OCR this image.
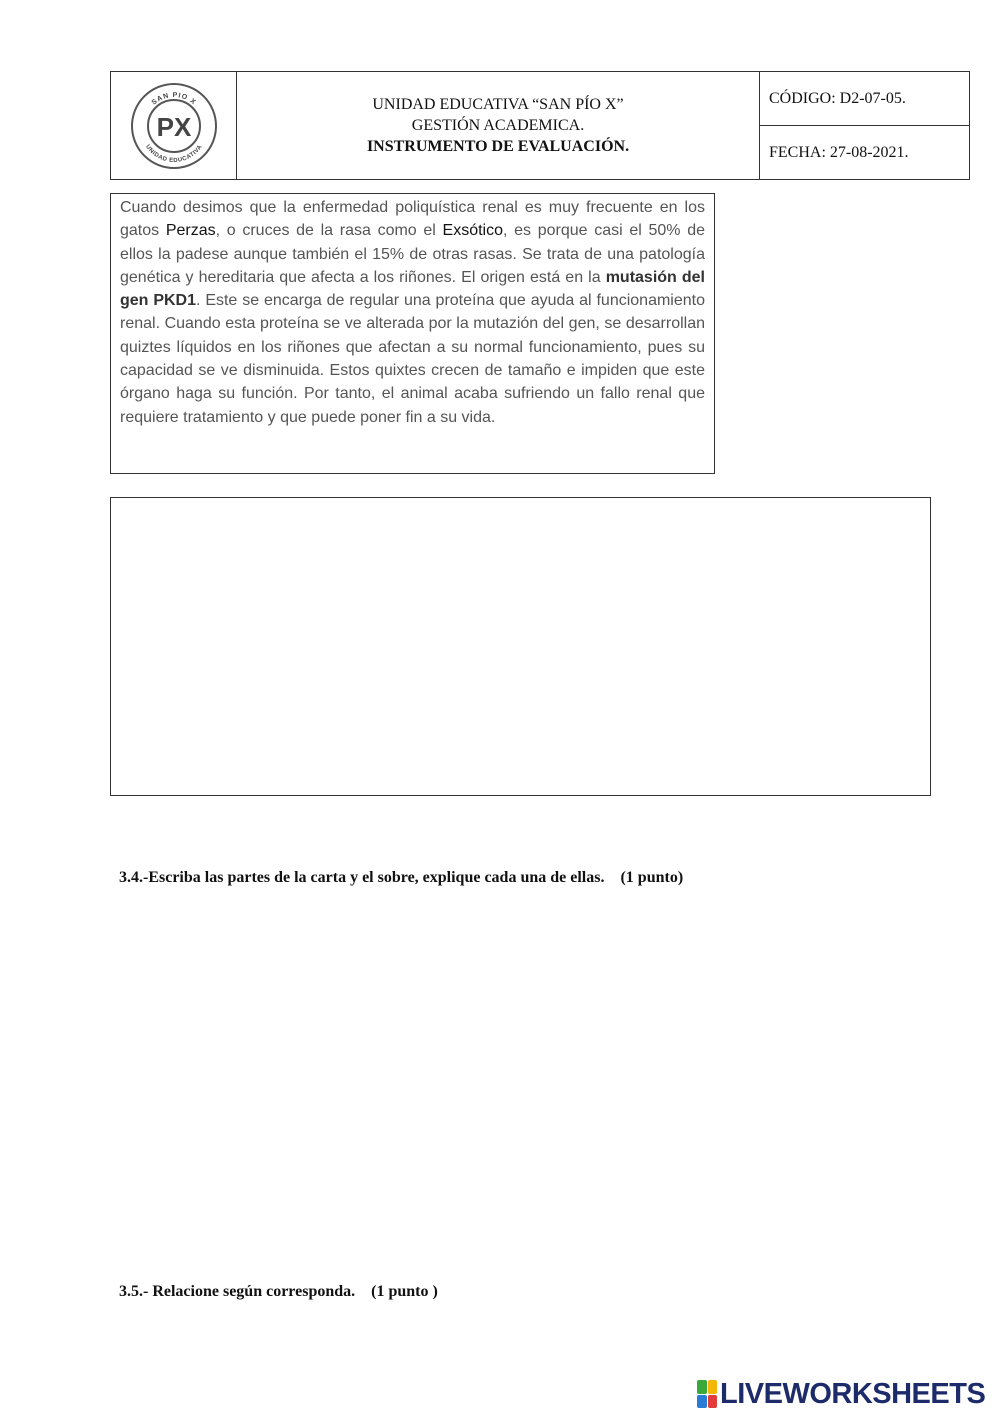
SAN PIO X
UNIDAD EDUCATIVA
PX

UNIDAD EDUCATIVA “SAN PÍO X”
GESTIÓN ACADEMICA.
INSTRUMENTO DE EVALUACIÓN.
	CÓDIGO: D2-07-05.
FECHA: 27-08-2021.
Cuando desimos que la enfermedad poliquística renal es muy frecuente en los gatos Perzas, o cruces de la rasa como el Exsótico, es porque casi el 50% de ellos la padese aunque también el 15% de otras rasas. Se trata de una patología genética y hereditaria que afecta a los riñones. El origen está en la mutasión del gen PKD1. Este se encarga de regular una proteína que ayuda al funcionamiento renal. Cuando esta proteína se ve alterada por la mutazión del gen, se desarrollan quiztes líquidos en los riñones que afectan a su normal funcionamiento, pues su capacidad se ve disminuida. Estos quixtes crecen de tamaño e impiden que este órgano haga su función. Por tanto, el animal acaba sufriendo un fallo renal que requiere tratamiento y que puede poner fin a su vida.
3.4.-Escriba las partes de la carta y el sobre, explique cada una de ellas.    (1 punto)
3.5.- Relacione según corresponda.    (1 punto )
LIVEWORKSHEETS
